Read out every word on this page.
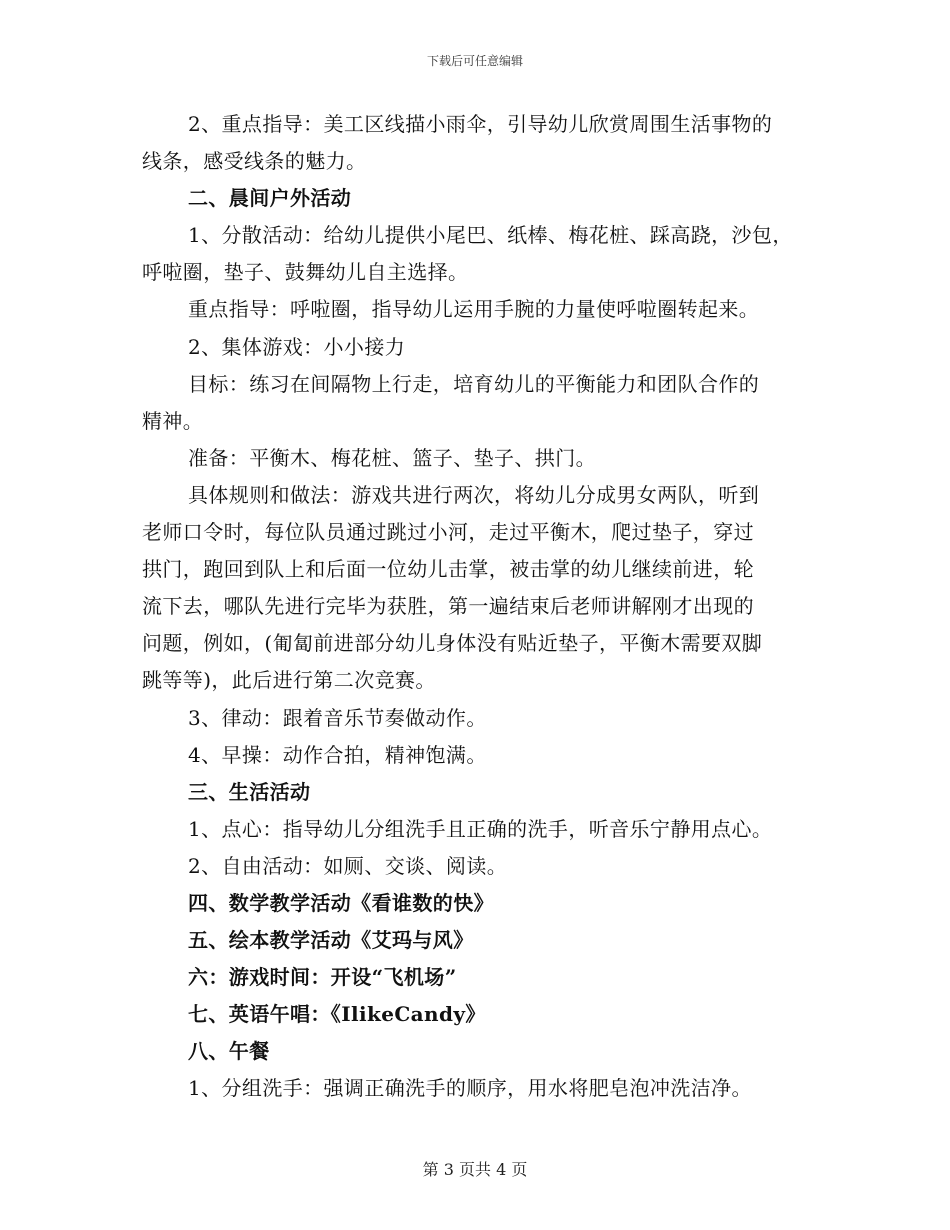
下载后可任意编辑
2、重点指导：美工区线描小雨伞，引导幼儿欣赏周围生活事物的
线条，感受线条的魅力。
二、晨间户外活动
1、分散活动：给幼儿提供小尾巴、纸棒、梅花桩、踩高跷，沙包，
呼啦圈，垫子、鼓舞幼儿自主选择。
重点指导：呼啦圈，指导幼儿运用手腕的力量使呼啦圈转起来。
2、集体游戏：小小接力
目标：练习在间隔物上行走，培育幼儿的平衡能力和团队合作的
精神。
准备：平衡木、梅花桩、篮子、垫子、拱门。
具体规则和做法：游戏共进行两次，将幼儿分成男女两队，听到
老师口令时，每位队员通过跳过小河，走过平衡木，爬过垫子，穿过
拱门，跑回到队上和后面一位幼儿击掌，被击掌的幼儿继续前进，轮
流下去，哪队先进行完毕为获胜，第一遍结束后老师讲解刚才出现的
问题，例如，(匍匐前进部分幼儿身体没有贴近垫子，平衡木需要双脚
跳等等)，此后进行第二次竞赛。
3、律动：跟着音乐节奏做动作。
4、早操：动作合拍，精神饱满。
三、生活活动
1、点心：指导幼儿分组洗手且正确的洗手，听音乐宁静用点心。
2、自由活动：如厕、交谈、阅读。
四、数学教学活动《看谁数的快》
五、绘本教学活动《艾玛与风》
六：游戏时间：开设“飞机场”
七、英语午唱：《IlikeCandy》
八、午餐
1、分组洗手：强调正确洗手的顺序，用水将肥皂泡冲洗洁净。
第 3 页共 4 页
